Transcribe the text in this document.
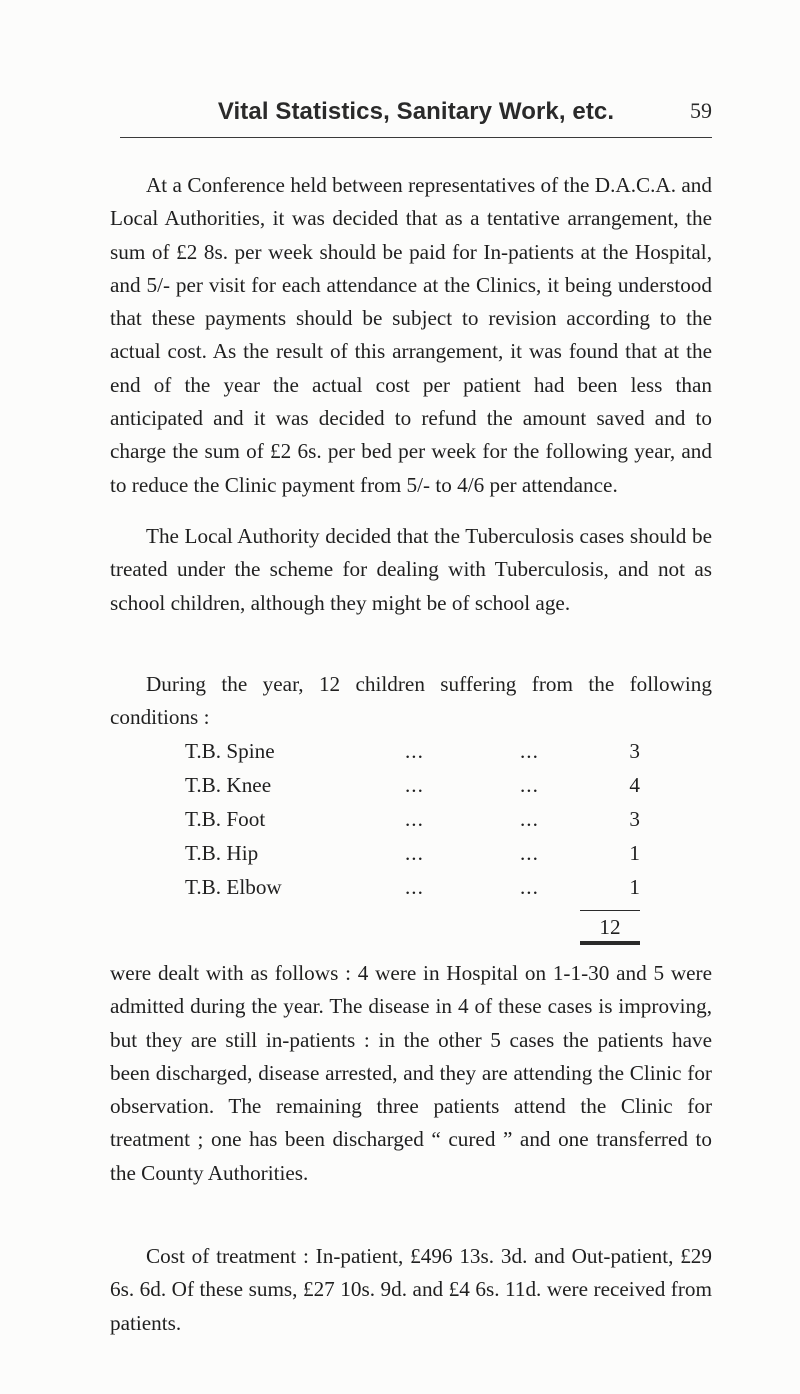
Vital Statistics, Sanitary Work, etc.	59

At a Conference held between representatives of the D.A.C.A. and Local Authorities, it was decided that as a tentative arrangement, the sum of £2 8s. per week should be paid for In-patients at the Hospital, and 5/- per visit for each attendance at the Clinics, it being understood that these payments should be subject to revision according to the actual cost. As the result of this arrangement, it was found that at the end of the year the actual cost per patient had been less than anticipated and it was decided to refund the amount saved and to charge the sum of £2 6s. per bed per week for the following year, and to reduce the Clinic payment from 5/- to 4/6 per attendance.

The Local Authority decided that the Tuberculosis cases should be treated under the scheme for dealing with Tuberculosis, and not as school children, although they might be of school age.

During the year, 12 children suffering from the following conditions :

T.B. Spine	...	...	3
T.B. Knee	...	...	4
T.B. Foot	...	...	3
T.B. Hip	...	...	1
T.B. Elbow	...	...	1
12

were dealt with as follows : 4 were in Hospital on 1-1-30 and 5 were admitted during the year. The disease in 4 of these cases is improving, but they are still in-patients : in the other 5 cases the patients have been discharged, disease arrested, and they are attending the Clinic for observation. The remaining three patients attend the Clinic for treatment ; one has been discharged “ cured ” and one transferred to the County Authorities.

Cost of treatment : In-patient, £496 13s. 3d. and Out-patient, £29 6s. 6d. Of these sums, £27 10s. 9d. and £4 6s. 11d. were received from patients.
